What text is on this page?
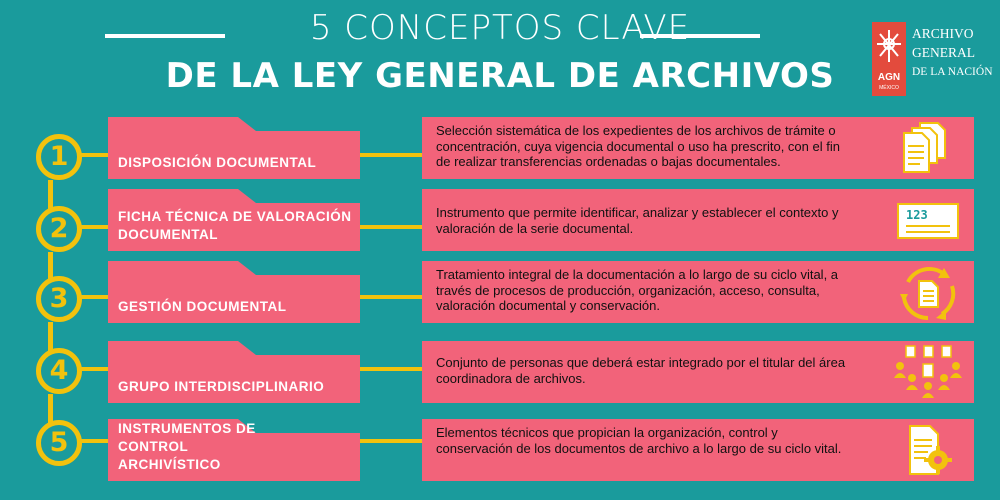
5 CONCEPTOS CLAVE
DE LA LEY GENERAL DE ARCHIVOS	AGN
MÉXICO
ARCHIVO
GENERAL
DE LA NACIÓN
1	DISPOSICIÓN DOCUMENTAL
Selección sistemática de los expedientes de los archivos de trámite o concentración, cuya vigencia documental o uso ha prescrito, con el fin de realizar transferencias ordenadas o bajas documentales.
2	FICHA TÉCNICA DE VALORACIÓN DOCUMENTAL
Instrumento que permite identificar, analizar y establecer el contexto y valoración de la serie documental.
123
3	GESTIÓN DOCUMENTAL
Tratamiento integral de la documentación a lo largo de su ciclo vital, a través de procesos de producción, organización, acceso, consulta, valoración documental y conservación.
4
GRUPO INTERDISCIPLINARIO
Conjunto de personas que deberá estar integrado por el titular del área coordinadora de archivos.
5	INSTRUMENTOS DE CONTROL ARCHIVÍSTICO
Elementos técnicos que propician la organización, control y conservación de los documentos de archivo a lo largo de su ciclo vital.
